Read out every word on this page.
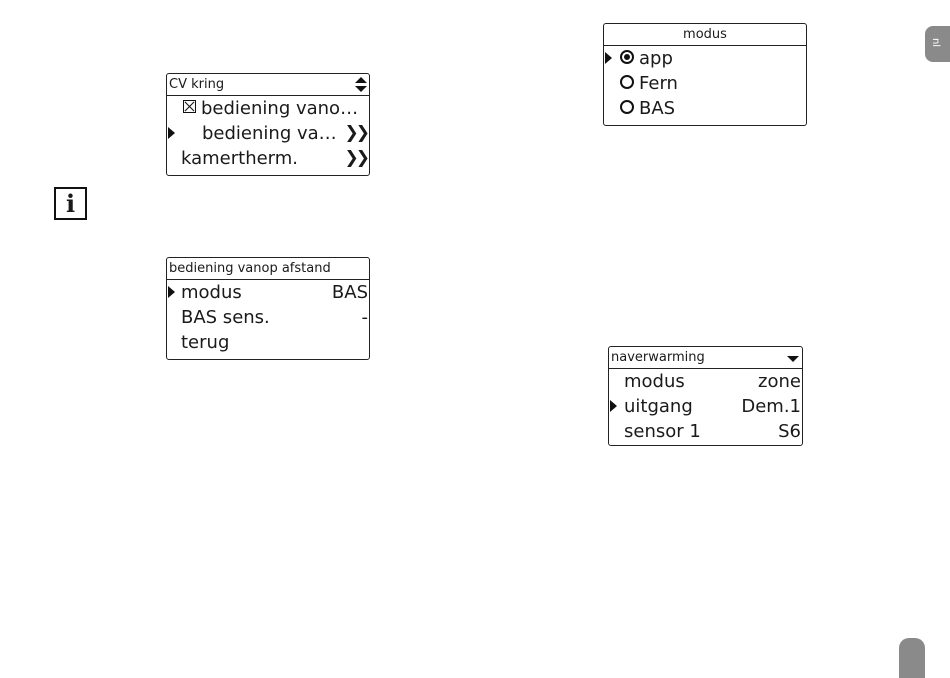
nl
CV kring
bediening vano…
bediening va… ❯❯
kamertherm.	❯❯
i
bediening vanop afstand
modus	BAS
BAS sens.	-
terug
modus
app
Fern
BAS
naverwarming
modus	zone
uitgang	Dem.1
sensor 1	S6
